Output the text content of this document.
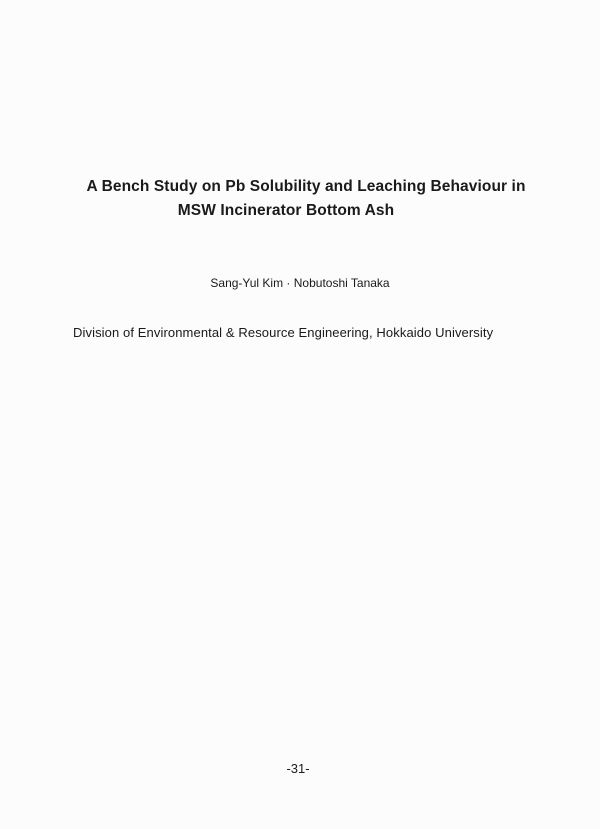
A Bench Study on Pb Solubility and Leaching Behaviour in
MSW Incinerator Bottom Ash
Sang-Yul Kim · Nobutoshi Tanaka
Division of Environmental & Resource Engineering, Hokkaido University
-31-
